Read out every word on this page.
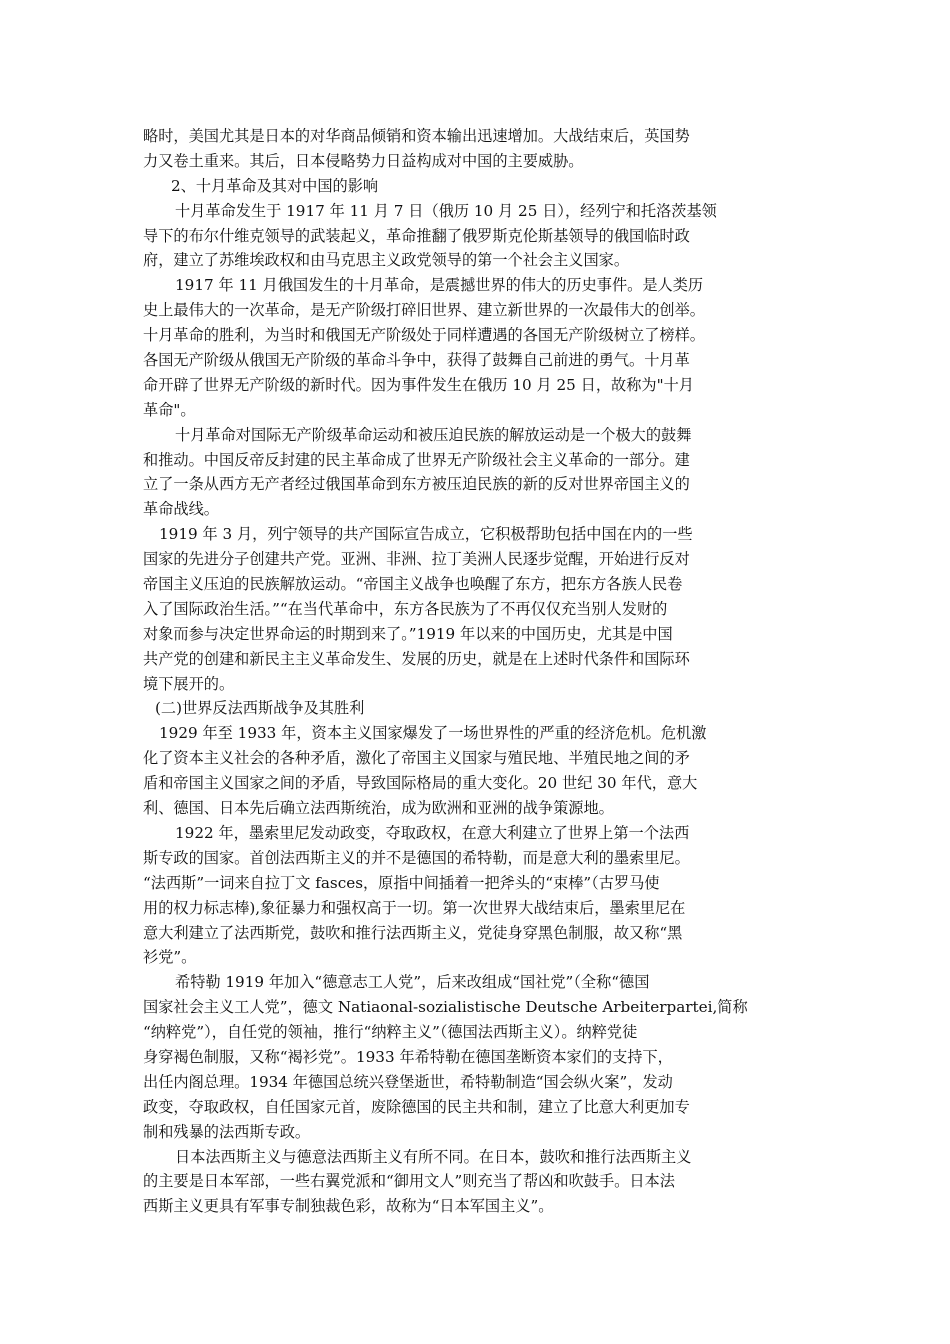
略时，美国尤其是日本的对华商品倾销和资本输出迅速增加。大战结束后，英国势
力又卷土重来。其后，日本侵略势力日益构成对中国的主要威胁。
2、十月革命及其对中国的影响
十月革命发生于 1917 年 11 月 7 日（俄历 10 月 25 日），经列宁和托洛茨基领
导下的布尔什维克领导的武装起义，革命推翻了俄罗斯克伦斯基领导的俄国临时政
府，建立了苏维埃政权和由马克思主义政党领导的第一个社会主义国家。
1917 年 11 月俄国发生的十月革命，是震撼世界的伟大的历史事件。是人类历
史上最伟大的一次革命，是无产阶级打碎旧世界、建立新世界的一次最伟大的创举。
十月革命的胜利，为当时和俄国无产阶级处于同样遭遇的各国无产阶级树立了榜样。
各国无产阶级从俄国无产阶级的革命斗争中，获得了鼓舞自己前进的勇气。十月革
命开辟了世界无产阶级的新时代。因为事件发生在俄历 10 月 25 日，故称为"十月
革命"。
十月革命对国际无产阶级革命运动和被压迫民族的解放运动是一个极大的鼓舞
和推动。中国反帝反封建的民主革命成了世界无产阶级社会主义革命的一部分。建
立了一条从西方无产者经过俄国革命到东方被压迫民族的新的反对世界帝国主义的
革命战线。
1919 年 3 月，列宁领导的共产国际宣告成立，它积极帮助包括中国在内的一些
国家的先进分子创建共产党。亚洲、非洲、拉丁美洲人民逐步觉醒，开始进行反对
帝国主义压迫的民族解放运动。“帝国主义战争也唤醒了东方，把东方各族人民卷
入了国际政治生活。”“在当代革命中，东方各民族为了不再仅仅充当别人发财的
对象而参与决定世界命运的时期到来了。”1919 年以来的中国历史，尤其是中国
共产党的创建和新民主主义革命发生、发展的历史，就是在上述时代条件和国际环
境下展开的。
(二)世界反法西斯战争及其胜利
1929 年至 1933 年，资本主义国家爆发了一场世界性的严重的经济危机。危机激
化了资本主义社会的各种矛盾，激化了帝国主义国家与殖民地、半殖民地之间的矛
盾和帝国主义国家之间的矛盾，导致国际格局的重大变化。20 世纪 30 年代，意大
利、德国、日本先后确立法西斯统治，成为欧洲和亚洲的战争策源地。
1922 年，墨索里尼发动政变，夺取政权，在意大利建立了世界上第一个法西
斯专政的国家。首创法西斯主义的并不是德国的希特勒，而是意大利的墨索里尼。
“法西斯”一词来自拉丁文 fasces，原指中间插着一把斧头的“束棒”（古罗马使
用的权力标志棒),象征暴力和强权高于一切。第一次世界大战结束后，墨索里尼在
意大利建立了法西斯党，鼓吹和推行法西斯主义，党徒身穿黑色制服，故又称“黑
衫党”。
希特勒 1919 年加入“德意志工人党”，后来改组成“国社党”（全称“德国
国家社会主义工人党”，德文 Natiaonal-sozialistische Deutsche Arbeiterpartei,简称
“纳粹党”），自任党的领袖，推行“纳粹主义”（德国法西斯主义）。纳粹党徒
身穿褐色制服，又称“褐衫党”。1933 年希特勒在德国垄断资本家们的支持下，
出任内阁总理。1934 年德国总统兴登堡逝世，希特勒制造“国会纵火案”，发动
政变，夺取政权，自任国家元首，废除德国的民主共和制，建立了比意大利更加专
制和残暴的法西斯专政。
日本法西斯主义与德意法西斯主义有所不同。在日本，鼓吹和推行法西斯主义
的主要是日本军部，一些右翼党派和“御用文人”则充当了帮凶和吹鼓手。日本法
西斯主义更具有军事专制独裁色彩，故称为“日本军国主义”。
